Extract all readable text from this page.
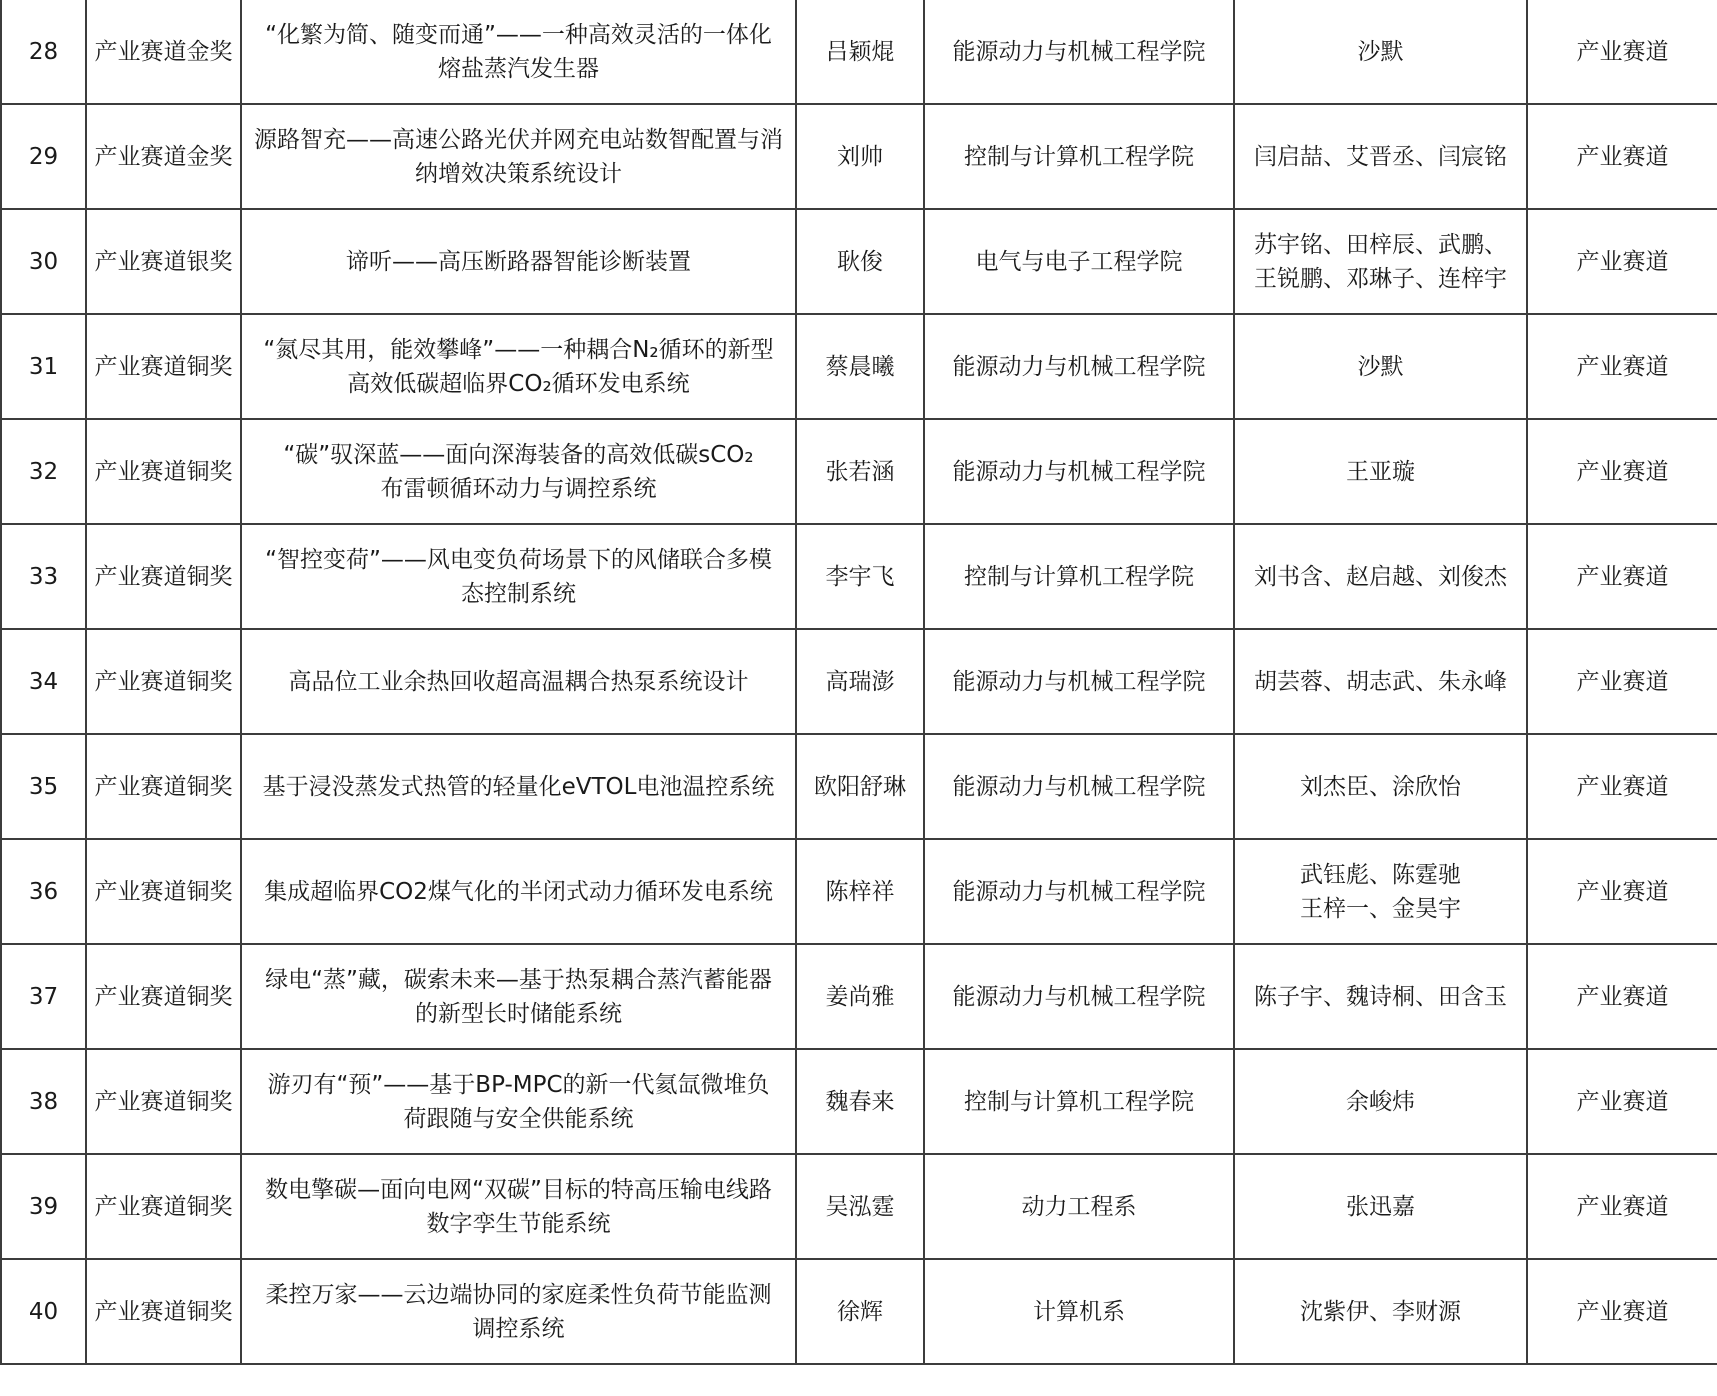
28	产业赛道金奖	“化繁为简、随变而通”——一种高效灵活的一体化
熔盐蒸汽发生器	吕颖焜	能源动力与机械工程学院	沙默	产业赛道

29	产业赛道金奖	源路智充——高速公路光伏并网充电站数智配置与消
纳增效决策系统设计	刘帅	控制与计算机工程学院	闫启喆、艾晋丞、闫宸铭	产业赛道

30	产业赛道银奖	谛听——高压断路器智能诊断装置	耿俊	电气与电子工程学院	苏宇铭、田梓辰、武鹏、
王锐鹏、邓琳子、连梓宇	产业赛道

31	产业赛道铜奖	“氮尽其用，能效攀峰”——一种耦合N₂循环的新型
高效低碳超临界CO₂循环发电系统	蔡晨曦	能源动力与机械工程学院	沙默	产业赛道

32	产业赛道铜奖	“碳”驭深蓝——面向深海装备的高效低碳sCO₂
布雷顿循环动力与调控系统	张若涵	能源动力与机械工程学院	王亚璇	产业赛道

33	产业赛道铜奖	“智控变荷”——风电变负荷场景下的风储联合多模
态控制系统	李宇飞	控制与计算机工程学院	刘书含、赵启越、刘俊杰	产业赛道

34	产业赛道铜奖	高品位工业余热回收超高温耦合热泵系统设计	高瑞澎	能源动力与机械工程学院	胡芸蓉、胡志武、朱永峰	产业赛道

35	产业赛道铜奖	基于浸没蒸发式热管的轻量化eVTOL电池温控系统	欧阳舒琳	能源动力与机械工程学院	刘杰臣、涂欣怡	产业赛道

36	产业赛道铜奖	集成超临界CO2煤气化的半闭式动力循环发电系统	陈梓祥	能源动力与机械工程学院	武钰彪、陈霆驰
王梓一、金昊宇	产业赛道

37	产业赛道铜奖	绿电“蒸”藏，碳索未来—基于热泵耦合蒸汽蓄能器
的新型长时储能系统	姜尚雅	能源动力与机械工程学院	陈子宇、魏诗桐、田含玉	产业赛道

38	产业赛道铜奖	游刃有“预”——基于BP-MPC的新一代氦氙微堆负
荷跟随与安全供能系统	魏春来	控制与计算机工程学院	余峻炜	产业赛道

39	产业赛道铜奖	数电擎碳—面向电网“双碳”目标的特高压输电线路
数字孪生节能系统	吴泓霆	动力工程系	张迅嘉	产业赛道

40	产业赛道铜奖	柔控万家——云边端协同的家庭柔性负荷节能监测
调控系统	徐辉	计算机系	沈紫伊、李财源	产业赛道
